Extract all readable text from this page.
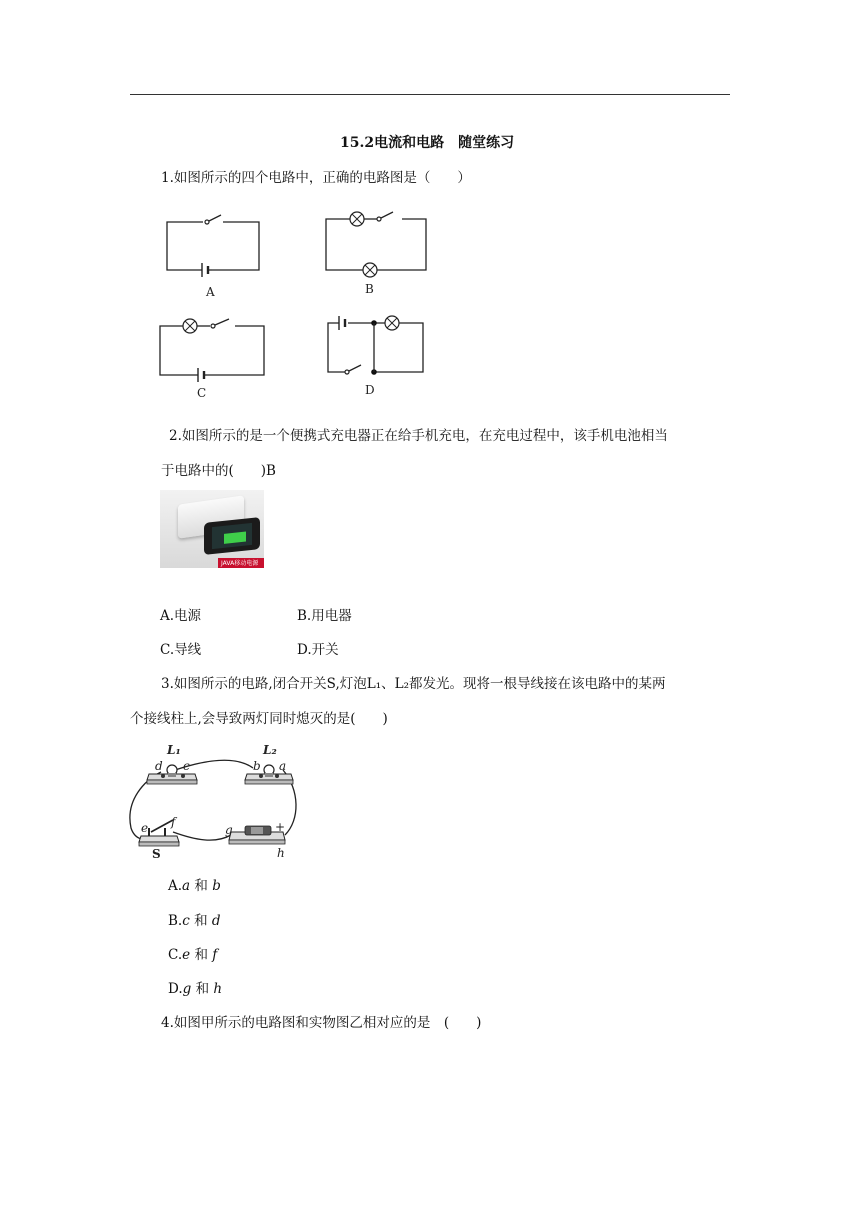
15.2电流和电路　随堂练习
1.如图所示的四个电路中，正确的电路图是（　　）
A	B
C	D
2.如图所示的是一个便携式充电器正在给手机充电，在充电过程中，该手机电池相当
于电路中的(　　)B
JAVA移动电源
A.电源	B.用电器
C.导线	D.开关
3.如图所示的电路,闭合开关S,灯泡L₁、L₂都发光。现将一根导线接在该电路中的某两
个接线柱上,会导致两灯同时熄灭的是(　　)
L₁	L₂
d c	b a
e f
S
g	+
h
A.a 和 b
B.c 和 d
C.e 和 f
D.g 和 h
4.如图甲所示的电路图和实物图乙相对应的是　(　　)
